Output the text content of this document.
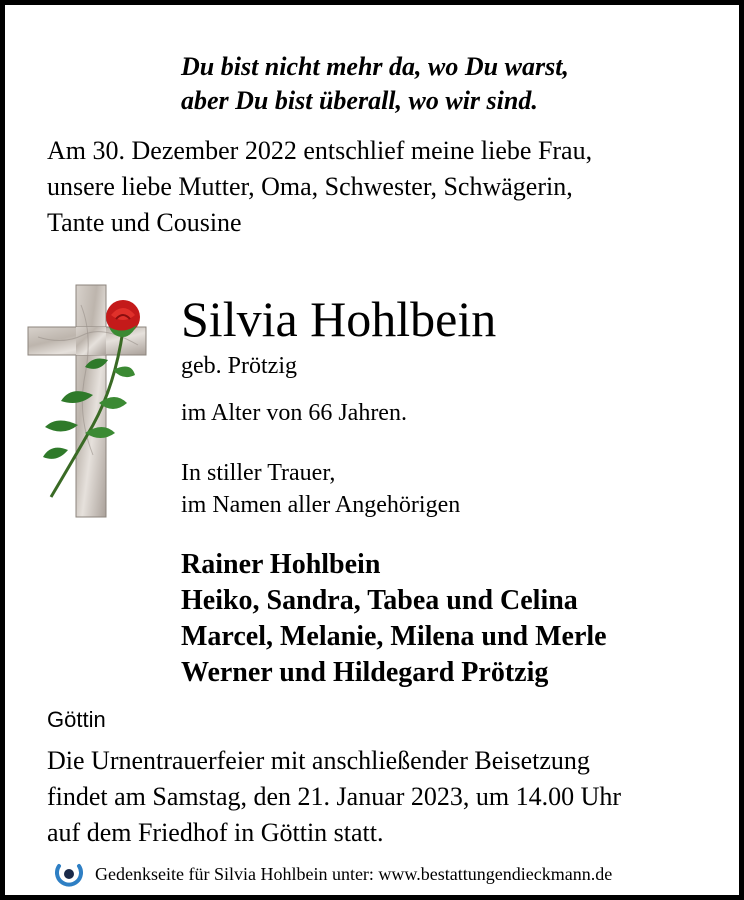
Du bist nicht mehr da, wo Du warst,
aber Du bist überall, wo wir sind.
Am 30. Dezember 2022 entschlief meine liebe Frau,
unsere liebe Mutter, Oma, Schwester, Schwägerin,
Tante und Cousine
Silvia Hohlbein
geb. Prötzig
im Alter von 66 Jahren.
In stiller Trauer,
im Namen aller Angehörigen
Rainer Hohlbein
Heiko, Sandra, Tabea und Celina
Marcel, Melanie, Milena und Merle
Werner und Hildegard Prötzig
Göttin
Die Urnentrauerfeier mit anschließender Beisetzung
findet am Samstag, den 21. Januar 2023, um 14.00 Uhr
auf dem Friedhof in Göttin statt.
Gedenkseite für Silvia Hohlbein unter: www.bestattungendieckmann.de
